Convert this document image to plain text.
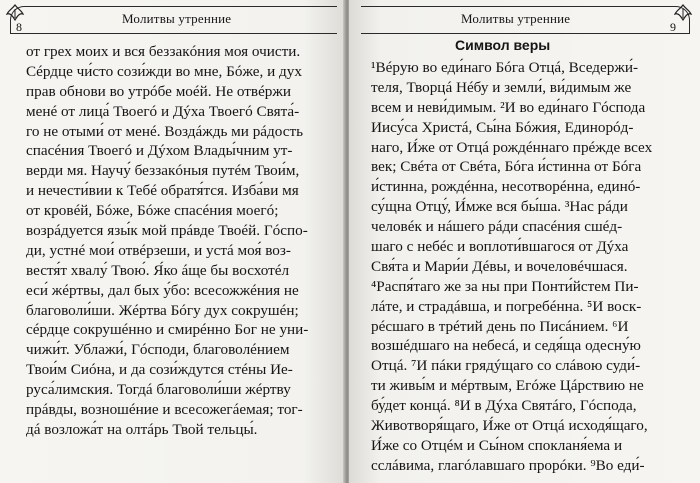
8
Молитвы утренние
от грех моих и вся беззакóния моя очисти.
Сéрдце чи́сто сози́жди во мне, Бóже, и дух
прав обнови во утрóбе моéй. Не отвéржи
менé от лица́ Твоегó и Дýха Твоегó Свята́-
го не отыми́ от менé. Воздáждь ми рáдость
спасéния Твоегó и Дýхом Влады́чним ут-
верди мя. Научу́ беззакóныя путéм Твои́м,
и нечести́вии к Тебé обратя́тся. Изба́ви мя
от кровéй, Бóже, Бóже спасéния моегó;
возрáдуется язы́к мой прáвде Твоéй. Гóспо-
ди, устнé мои́ отвéрзеши, и устá моя́ воз-
вестя́т хвалу́ Твою́. Я́ко áще бы восхотéл
еси́ жéртвы, дал бых у́бо: всесожжéния не
благоволи́ши. Жéртва Бóгу дух сокрушéн;
сéрдце сокрушéнно и смирéнно Бог не уни-
чижи́т. Ублажи́, Гóсподи, благоволéнием
Твои́м Сиóна, и да сози́ждутся стéны Ие-
руса́лимския. Тогдá благоволи́ши жéртву
прáвды, возношéние и всесожегáемая; тог-
дá возложа́т на олтáрь Твой тельцы́.
Молитвы утренние
9
Символ веры
¹Вéрую во еди́наго Бóга Отцá, Вседержи́-
теля, Творцá Нéбу и земли́, ви́димым же
всем и неви́димым. ²И во еди́наго Гóспода
Иису́са Христá, Сы́на Бóжия, Единорóд-
наго, И́же от Отцá рождéннаго прéжде всех
век; Свéта от Свéта, Бóга и́стинна от Бóга
и́стинна, рождéнна, несотворéнна, единó-
су́щна Отцу́, И́мже вся бы́ша. ³Нас рáди
человéк и нáшего рáди спасéния сшéд-
шаго с небéс и воплоти́вшагося от Дýха
Свя́та и Мари́и Дéвы, и вочеловéчшася.
⁴Распя́таго же за ны при Понти́йстем Пи-
лáте, и страдáвша, и погребéнна. ⁵И воск-
рéсшаго в трéтий день по Писáнием. ⁶И
возшéдшаго на небесá, и седя́ща одесну́ю
Отцá. ⁷И пáки грядýщаго со слáвою суди́-
ти живы́м и мéртвым, Егóже Цáрствию не
бу́дет концá. ⁸И в Дýха Святáго, Гóспода,
Животворя́щаго, И́же от Отцá исходя́щаго,
И́же со Отцéм и Сы́ном спокланя́ема и
сслáвима, глагóлавшаго прорóки. ⁹Во еди́-
